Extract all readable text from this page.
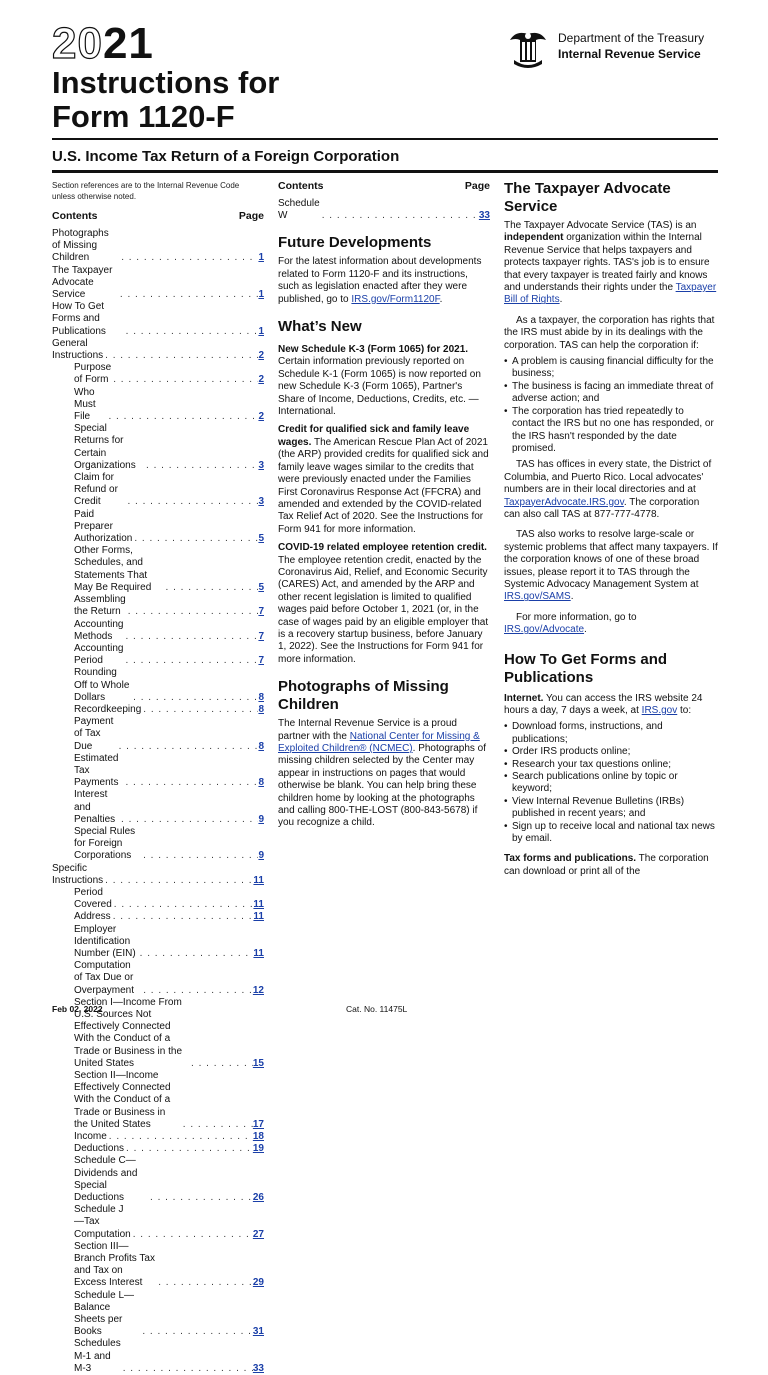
2021
Instructions for
Form 1120-F
U.S. Income Tax Return of a Foreign Corporation
Department of the Treasury
Internal Revenue Service
Section references are to the Internal Revenue Code unless otherwise noted.
Contents	Page
Photographs of Missing Children . . .	1
The Taxpayer Advocate Service . . .	1
How To Get Forms and Publications . . .	1
General Instructions . . .	2
Purpose of Form . . .	2
Who Must File . . .	2
Special Returns for Certain Organizations . . .	3
Claim for Refund or Credit . . .	3
Paid Preparer Authorization . . .	5
Other Forms, Schedules, and Statements That May Be Required . . .	5
Assembling the Return . . .	7
Accounting Methods . . .	7
Accounting Period . . .	7
Rounding Off to Whole Dollars . . .	8
Recordkeeping . . .	8
Payment of Tax Due . . .	8
Estimated Tax Payments . . .	8
Interest and Penalties . . .	9
Special Rules for Foreign Corporations . . .	9
Specific Instructions . . .	11
Period Covered . . .	11
Address . . .	11
Employer Identification Number (EIN) . . .	11
Computation of Tax Due or Overpayment . . .	12
Section I—Income From U.S. Sources Not Effectively Connected With the Conduct of a Trade or Business in the United States . . .	15
Section II—Income Effectively Connected With the Conduct of a Trade or Business in the United States . . .	17
Income . . .	18
Deductions . . .	19
Schedule C—Dividends and Special Deductions . . .	26
Schedule J—Tax Computation . . .	27
Section III—Branch Profits Tax and Tax on Excess Interest . . .	29
Schedule L—Balance Sheets per Books . . .	31
Schedules M-1 and M-3 . . .	33
Contents	Page
Schedule W . . .	33
Future Developments

For the latest information about developments related to Form 1120-F and its instructions, such as legislation enacted after they were published, go to IRS.gov/Form1120F.

What’s New

New Schedule K-3 (Form 1065) for 2021. Certain information previously reported on Schedule K-1 (Form 1065) is now reported on new Schedule K-3 (Form 1065), Partner's Share of Income, Deductions, Credits, etc. — International.

Credit for qualified sick and family leave wages. The American Rescue Plan Act of 2021 (the ARP) provided credits for qualified sick and family leave wages similar to the credits that were previously enacted under the Families First Coronavirus Response Act (FFCRA) and amended and extended by the COVID-related Tax Relief Act of 2020. See the Instructions for Form 941 for more information.

COVID-19 related employee retention credit. The employee retention credit, enacted by the Coronavirus Aid, Relief, and Economic Security (CARES) Act, and amended by the ARP and other recent legislation is limited to qualified wages paid before October 1, 2021 (or, in the case of wages paid by an eligible employer that is a recovery startup business, before January 1, 2022). See the Instructions for Form 941 for more information.

Photographs of Missing Children

The Internal Revenue Service is a proud partner with the National Center for Missing & Exploited Children® (NCMEC). Photographs of missing children selected by the Center may appear in instructions on pages that would otherwise be blank. You can help bring these children home by looking at the photographs and calling 800-THE-LOST (800-843-5678) if you recognize a child.

The Taxpayer Advocate Service

The Taxpayer Advocate Service (TAS) is an independent organization within the Internal Revenue Service that helps taxpayers and protects taxpayer rights. TAS's job is to ensure that every taxpayer is treated fairly and knows and understands their rights under the Taxpayer Bill of Rights.

As a taxpayer, the corporation has rights that the IRS must abide by in its dealings with the corporation. TAS can help the corporation if:

• A problem is causing financial difficulty for the business;
• The business is facing an immediate threat of adverse action; and
• The corporation has tried repeatedly to contact the IRS but no one has responded, or the IRS hasn't responded by the date promised.

TAS has offices in every state, the District of Columbia, and Puerto Rico. Local advocates' numbers are in their local directories and at TaxpayerAdvocate.IRS.gov. The corporation can also call TAS at 877-777-4778.

TAS also works to resolve large-scale or systemic problems that affect many taxpayers. If the corporation knows of one of these broad issues, please report it to TAS through the Systemic Advocacy Management System at IRS.gov/SAMS.

For more information, go to IRS.gov/Advocate.

How To Get Forms and Publications

Internet. You can access the IRS website 24 hours a day, 7 days a week, at IRS.gov to:

• Download forms, instructions, and publications;
• Order IRS products online;
• Research your tax questions online;
• Search publications online by topic or keyword;
• View Internal Revenue Bulletins (IRBs) published in recent years; and
• Sign up to receive local and national tax news by email.

Tax forms and publications. The corporation can download or print all of the

Feb 02, 2022	Cat. No. 11475L
